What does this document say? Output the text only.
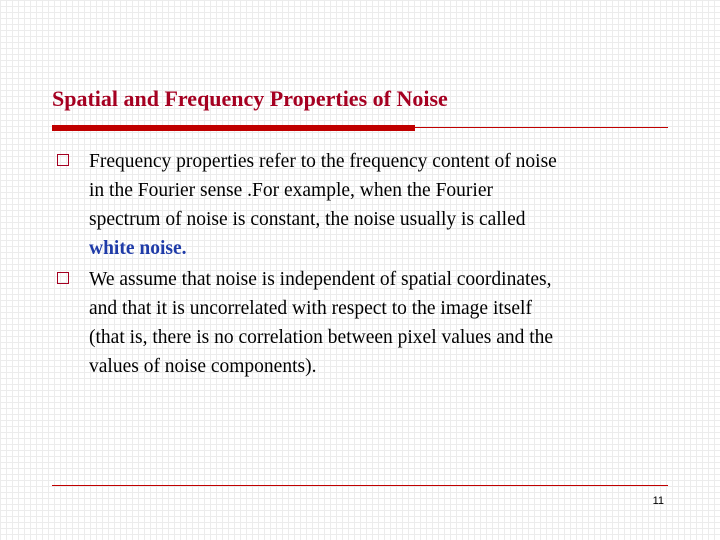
Spatial and Frequency Properties of Noise
Frequency properties refer to the frequency content of noise
in the Fourier sense .For example, when the Fourier
spectrum of noise is constant, the noise usually is called
white noise.
We assume that noise is independent of spatial coordinates,
and that it is uncorrelated with respect to the image itself
(that is, there is no correlation between pixel values and the
values of noise components).
11
